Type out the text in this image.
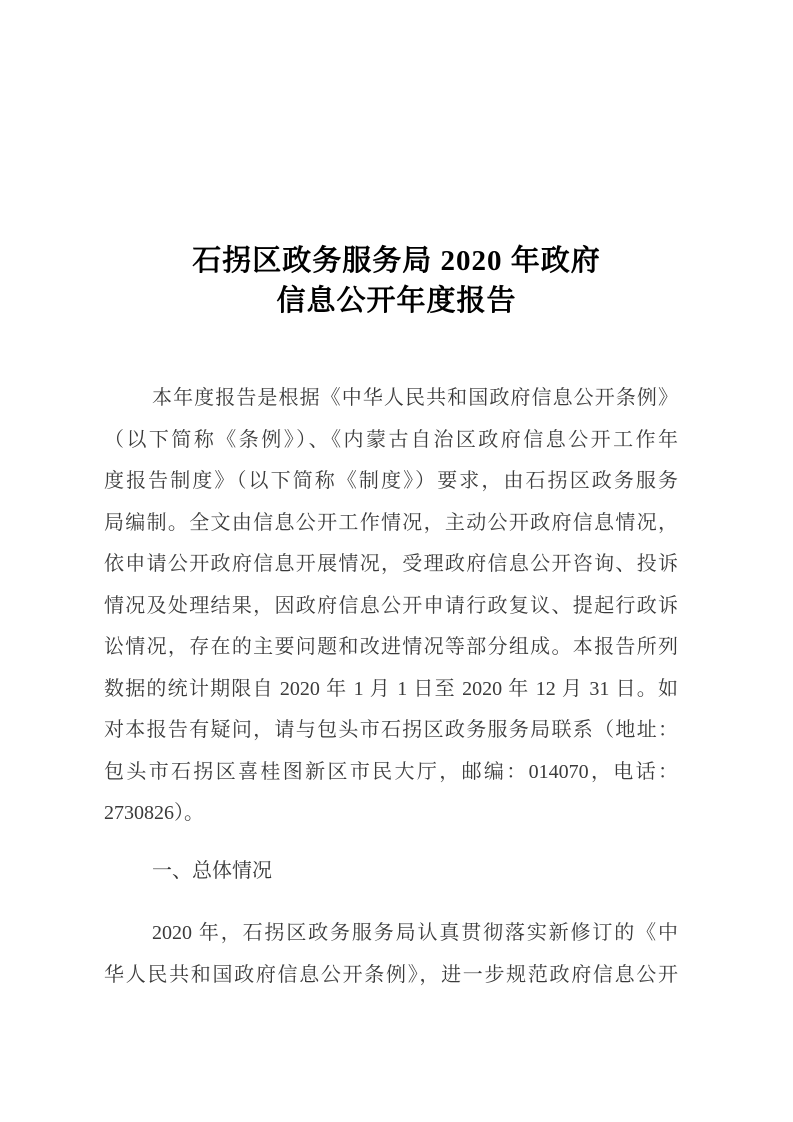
石拐区政务服务局 2020 年政府
信息公开年度报告
本年度报告是根据《中华人民共和国政府信息公开条例》
（以下简称《条例》）、《内蒙古自治区政府信息公开工作年
度报告制度》（以下简称《制度》）要求，由石拐区政务服务
局编制。全文由信息公开工作情况，主动公开政府信息情况，
依申请公开政府信息开展情况，受理政府信息公开咨询、投诉
情况及处理结果，因政府信息公开申请行政复议、提起行政诉
讼情况，存在的主要问题和改进情况等部分组成。本报告所列
数据的统计期限自 2020 年 1 月 1 日至 2020 年 12 月 31 日。如
对本报告有疑问，请与包头市石拐区政务服务局联系（地址：
包头市石拐区喜桂图新区市民大厅，邮编：014070，电话：
2730826）。
一、总体情况
2020 年，石拐区政务服务局认真贯彻落实新修订的《中
华人民共和国政府信息公开条例》，进一步规范政府信息公开
